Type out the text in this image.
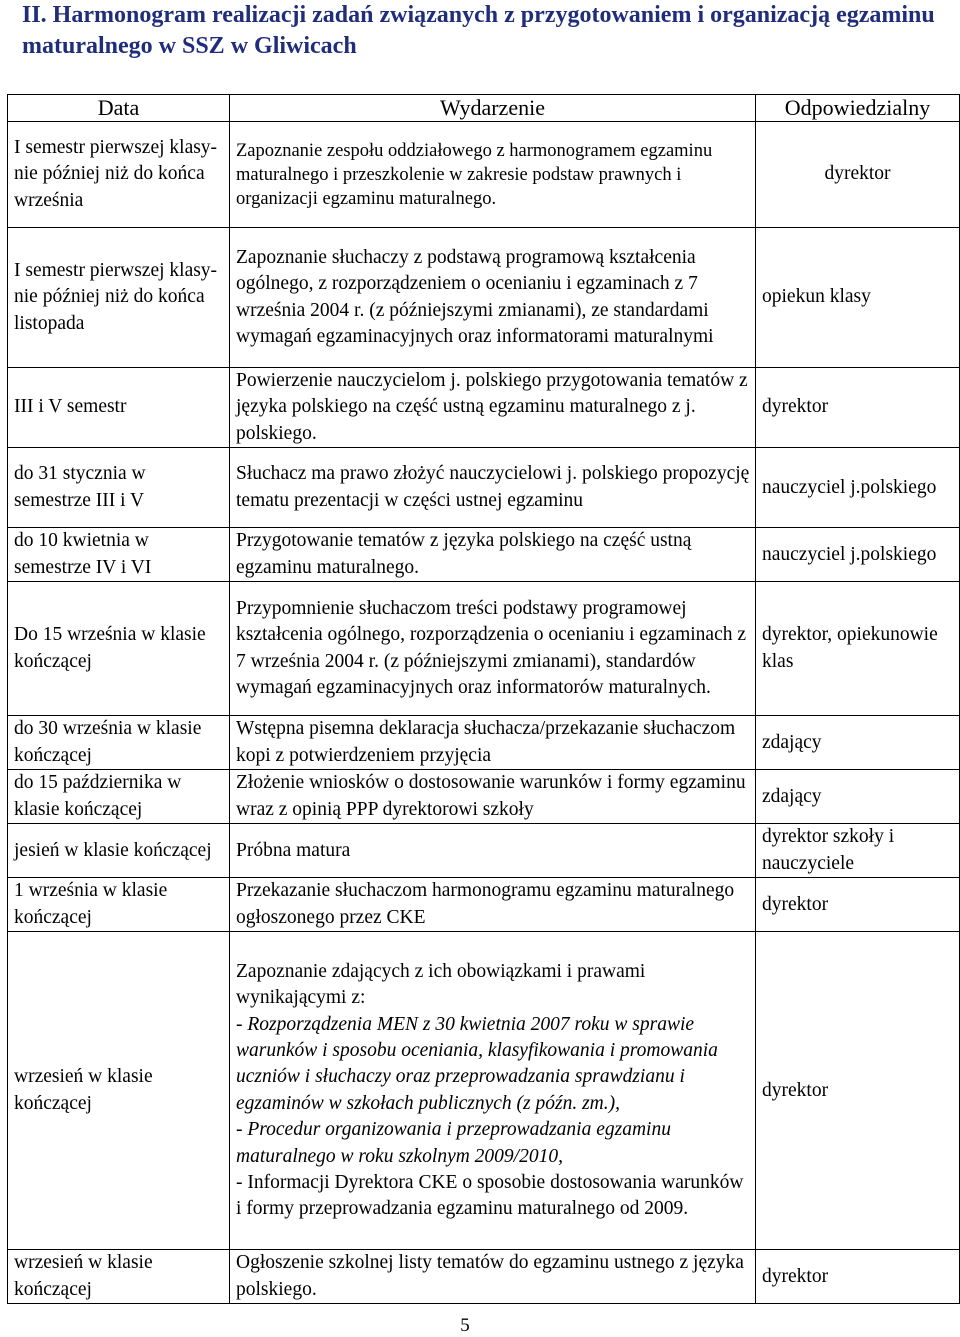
II. Harmonogram realizacji zadań związanych z przygotowaniem i organizacją egzaminu maturalnego w SSZ w Gliwicach
Data	Wydarzenie	Odpowiedzialny
I semestr pierwszej klasy- nie później niż do końca września	Zapoznanie zespołu oddziałowego z harmonogramem egzaminu maturalnego i przeszkolenie w zakresie podstaw prawnych i organizacji egzaminu maturalnego.	dyrektor
I semestr pierwszej klasy- nie później niż do końca listopada	Zapoznanie słuchaczy z podstawą programową kształcenia ogólnego, z rozporządzeniem o ocenianiu i egzaminach z 7 września 2004 r. (z późniejszymi zmianami), ze standardami wymagań egzaminacyjnych oraz informatorami maturalnymi	opiekun klasy
III i V semestr	Powierzenie nauczycielom j. polskiego przygotowania tematów z języka polskiego na część ustną egzaminu maturalnego z j. polskiego.	dyrektor
do 31 stycznia w semestrze III i V	Słuchacz ma prawo złożyć nauczycielowi j. polskiego propozycję tematu prezentacji w części ustnej egzaminu	nauczyciel j.polskiego
do 10 kwietnia w semestrze IV i VI	Przygotowanie tematów z języka polskiego na część ustną egzaminu maturalnego.	nauczyciel j.polskiego
Do 15 września w klasie kończącej	Przypomnienie słuchaczom treści podstawy programowej kształcenia ogólnego, rozporządzenia o ocenianiu i egzaminach z 7 września 2004 r. (z późniejszymi zmianami), standardów wymagań egzaminacyjnych oraz informatorów maturalnych.	dyrektor, opiekunowie klas
do 30 września w klasie kończącej	Wstępna pisemna deklaracja słuchacza/przekazanie słuchaczom kopi z potwierdzeniem przyjęcia	zdający
do 15 października w klasie kończącej	Złożenie wniosków o dostosowanie warunków i formy egzaminu wraz z opinią PPP dyrektorowi szkoły	zdający
jesień w klasie kończącej	Próbna matura	dyrektor szkoły i nauczyciele
1 września w klasie kończącej	Przekazanie słuchaczom harmonogramu egzaminu maturalnego ogłoszonego przez CKE	dyrektor
wrzesień w klasie kończącej	Zapoznanie zdających z ich obowiązkami i prawami wynikającymi z:
- Rozporządzenia MEN z 30 kwietnia 2007 roku w sprawie warunków i sposobu oceniania, klasyfikowania i promowania uczniów i słuchaczy oraz przeprowadzania sprawdzianu i egzaminów w szkołach publicznych (z późn. zm.),
- Procedur organizowania i przeprowadzania egzaminu maturalnego w roku szkolnym 2009/2010,
- Informacji Dyrektora CKE o sposobie dostosowania warunków i formy przeprowadzania egzaminu maturalnego od 2009.	dyrektor
wrzesień w klasie kończącej	Ogłoszenie szkolnej listy tematów do egzaminu ustnego z języka polskiego.	dyrektor
5
